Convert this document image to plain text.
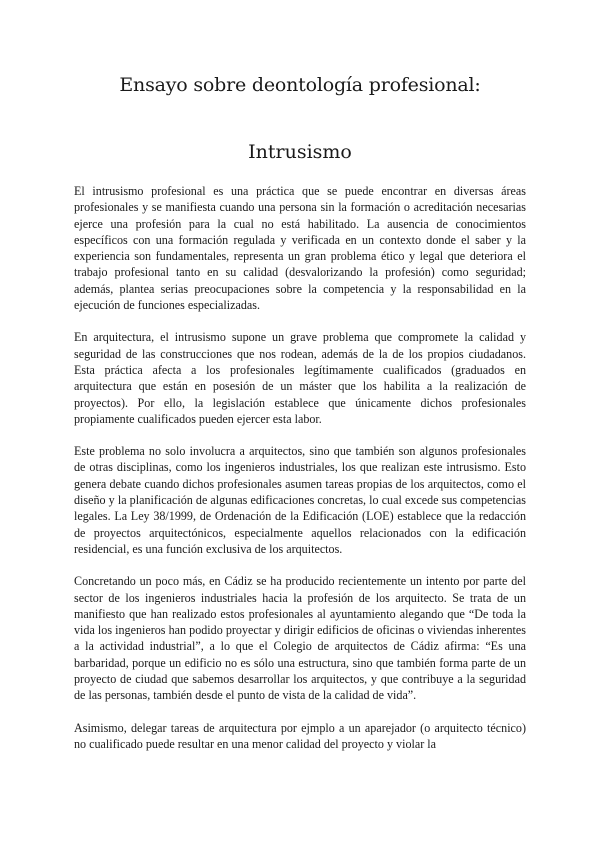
Ensayo sobre deontología profesional:
Intrusismo

El intrusismo profesional es una práctica que se puede encontrar en diversas áreas profesionales y se manifiesta cuando una persona sin la formación o acreditación necesarias ejerce una profesión para la cual no está habilitado. La ausencia de conocimientos específicos con una formación regulada y verificada en un contexto donde el saber y la experiencia son fundamentales, representa un gran problema ético y legal que deteriora el trabajo profesional tanto en su calidad (desvalorizando la profesión) como seguridad; además, plantea serias preocupaciones sobre la competencia y la responsabilidad en la ejecución de funciones especializadas.

En arquitectura, el intrusismo supone un grave problema que compromete la calidad y seguridad de las construcciones que nos rodean, además de la de los propios ciudadanos. Esta práctica afecta a los profesionales legítimamente cualificados (graduados en arquitectura que están en posesión de un máster que los habilita a la realización de proyectos). Por ello, la legislación establece que únicamente dichos profesionales propiamente cualificados pueden ejercer esta labor.

Este problema no solo involucra a arquitectos, sino que también son algunos profesionales de otras disciplinas, como los ingenieros industriales, los que realizan este intrusismo. Esto genera debate cuando dichos profesionales asumen tareas propias de los arquitectos, como el diseño y la planificación de algunas edificaciones concretas, lo cual excede sus competencias legales. La Ley 38/1999, de Ordenación de la Edificación (LOE) establece que la redacción de proyectos arquitectónicos, especialmente aquellos relacionados con la edificación residencial, es una función exclusiva de los arquitectos.

Concretando un poco más, en Cádiz se ha producido recientemente un intento por parte del sector de los ingenieros industriales hacia la profesión de los arquitecto. Se trata de un manifiesto que han realizado estos profesionales al ayuntamiento alegando que “De toda la vida los ingenieros han podido proyectar y dirigir edificios de oficinas o viviendas inherentes a la actividad industrial”, a lo que el Colegio de arquitectos de Cádiz afirma: “Es una barbaridad, porque un edificio no es sólo una estructura, sino que también forma parte de un proyecto de ciudad que sabemos desarrollar los arquitectos, y que contribuye a la seguridad de las personas, también desde el punto de vista de la calidad de vida”.

Asimismo, delegar tareas de arquitectura por ejmplo a un aparejador (o arquitecto técnico) no cualificado puede resultar en una menor calidad del proyecto y violar la
